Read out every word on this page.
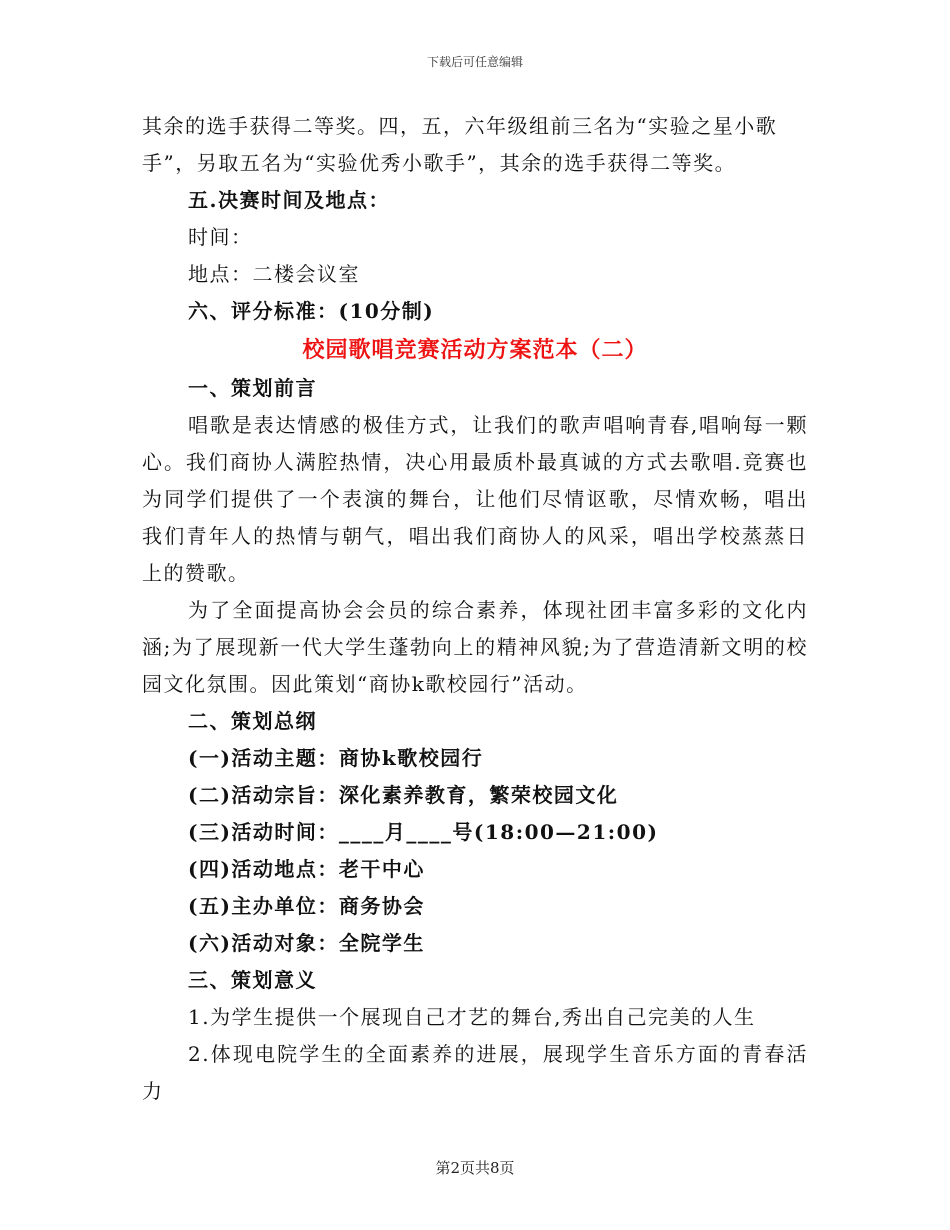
下载后可任意编辑
其余的选手获得二等奖。四，五，六年级组前三名为“实验之星小歌
手”，另取五名为“实验优秀小歌手”，其余的选手获得二等奖。
五.决赛时间及地点：
时间：
地点：二楼会议室
六、评分标准：(10分制)
校园歌唱竞赛活动方案范本（二）
一、策划前言
唱歌是表达情感的极佳方式，让我们的歌声唱响青春,唱响每一颗心。我们商协人满腔热情，决心用最质朴最真诚的方式去歌唱.竞赛也为同学们提供了一个表演的舞台，让他们尽情讴歌，尽情欢畅，唱出我们青年人的热情与朝气，唱出我们商协人的风采，唱出学校蒸蒸日上的赞歌。
为了全面提高协会会员的综合素养，体现社团丰富多彩的文化内涵;为了展现新一代大学生蓬勃向上的精神风貌;为了营造清新文明的校园文化氛围。因此策划“商协k歌校园行”活动。
二、策划总纲
(一)活动主题：商协k歌校园行
(二)活动宗旨：深化素养教育，繁荣校园文化
(三)活动时间：____月____号(18:00—21:00)
(四)活动地点：老干中心
(五)主办单位：商务协会
(六)活动对象：全院学生
三、策划意义
1.为学生提供一个展现自己才艺的舞台,秀出自己完美的人生
2.体现电院学生的全面素养的进展，展现学生音乐方面的青春活力
第2页共8页
